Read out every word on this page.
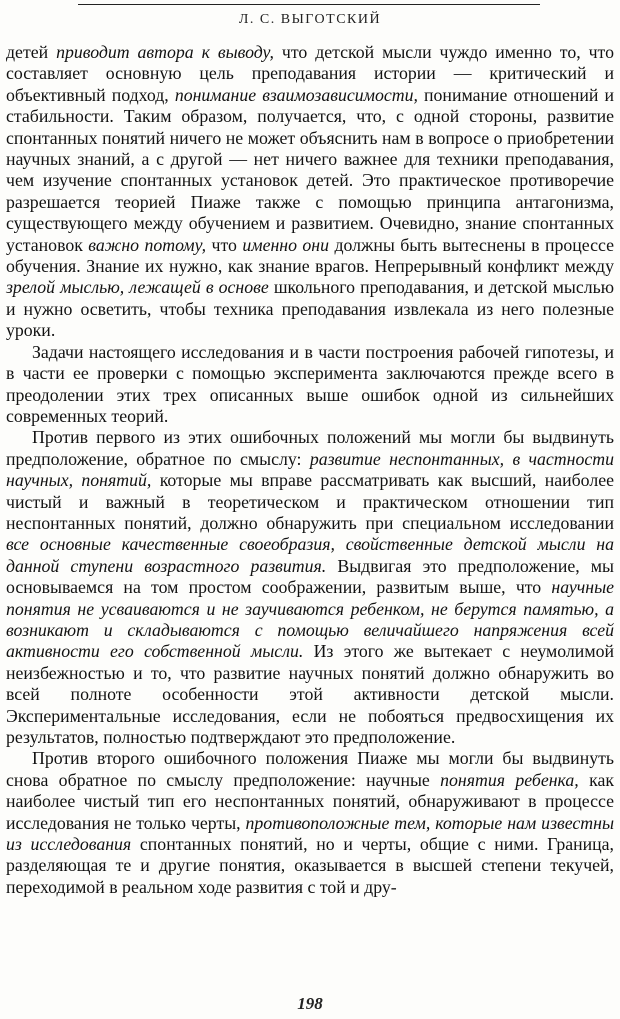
Л. С. ВЫГОТСКИЙ

детей приводит автора к выводу, что детской мысли чуждо именно то, что составляет основную цель преподавания истории — критический и объективный подход, понимание взаимозависимости, понимание отношений и стабильности. Таким образом, получается, что, с одной стороны, развитие спонтанных понятий ничего не может объяснить нам в вопросе о приобретении научных знаний, а с другой — нет ничего важнее для техники преподавания, чем изучение спонтанных установок детей. Это практическое противоречие разрешается теорией Пиаже также с помощью принципа антагонизма, существующего между обучением и развитием. Очевидно, знание спонтанных установок важно потому, что именно они должны быть вытеснены в процессе обучения. Знание их нужно, как знание врагов. Непрерывный конфликт между зрелой мыслью, лежащей в основе школьного преподавания, и детской мыслью и нужно осветить, чтобы техника преподавания извлекала из него полезные уроки.

Задачи настоящего исследования и в части построения рабочей гипотезы, и в части ее проверки с помощью эксперимента заключаются прежде всего в преодолении этих трех описанных выше ошибок одной из сильнейших современных теорий.

Против первого из этих ошибочных положений мы могли бы выдвинуть предположение, обратное по смыслу: развитие неспонтанных, в частности научных, понятий, которые мы вправе рассматривать как высший, наиболее чистый и важный в теоретическом и практическом отношении тип неспонтанных понятий, должно обнаружить при специальном исследовании все основные качественные своеобразия, свойственные детской мысли на данной ступени возрастного развития. Выдвигая это предположение, мы основываемся на том простом соображении, развитым выше, что научные понятия не усваиваются и не заучиваются ребенком, не берутся памятью, а возникают и складываются с помощью величайшего напряжения всей активности его собственной мысли. Из этого же вытекает с неумолимой неизбежностью и то, что развитие научных понятий должно обнаружить во всей полноте особенности этой активности детской мысли. Экспериментальные исследования, если не побояться предвосхищения их результатов, полностью подтверждают это предположение.

Против второго ошибочного положения Пиаже мы могли бы выдвинуть снова обратное по смыслу предположение: научные понятия ребенка, как наиболее чистый тип его неспонтанных понятий, обнаруживают в процессе исследования не только черты, противоположные тем, которые нам известны из исследования спонтанных понятий, но и черты, общие с ними. Граница, разделяющая те и другие понятия, оказывается в высшей степени текучей, переходимой в реальном ходе развития с той и дру-

198
